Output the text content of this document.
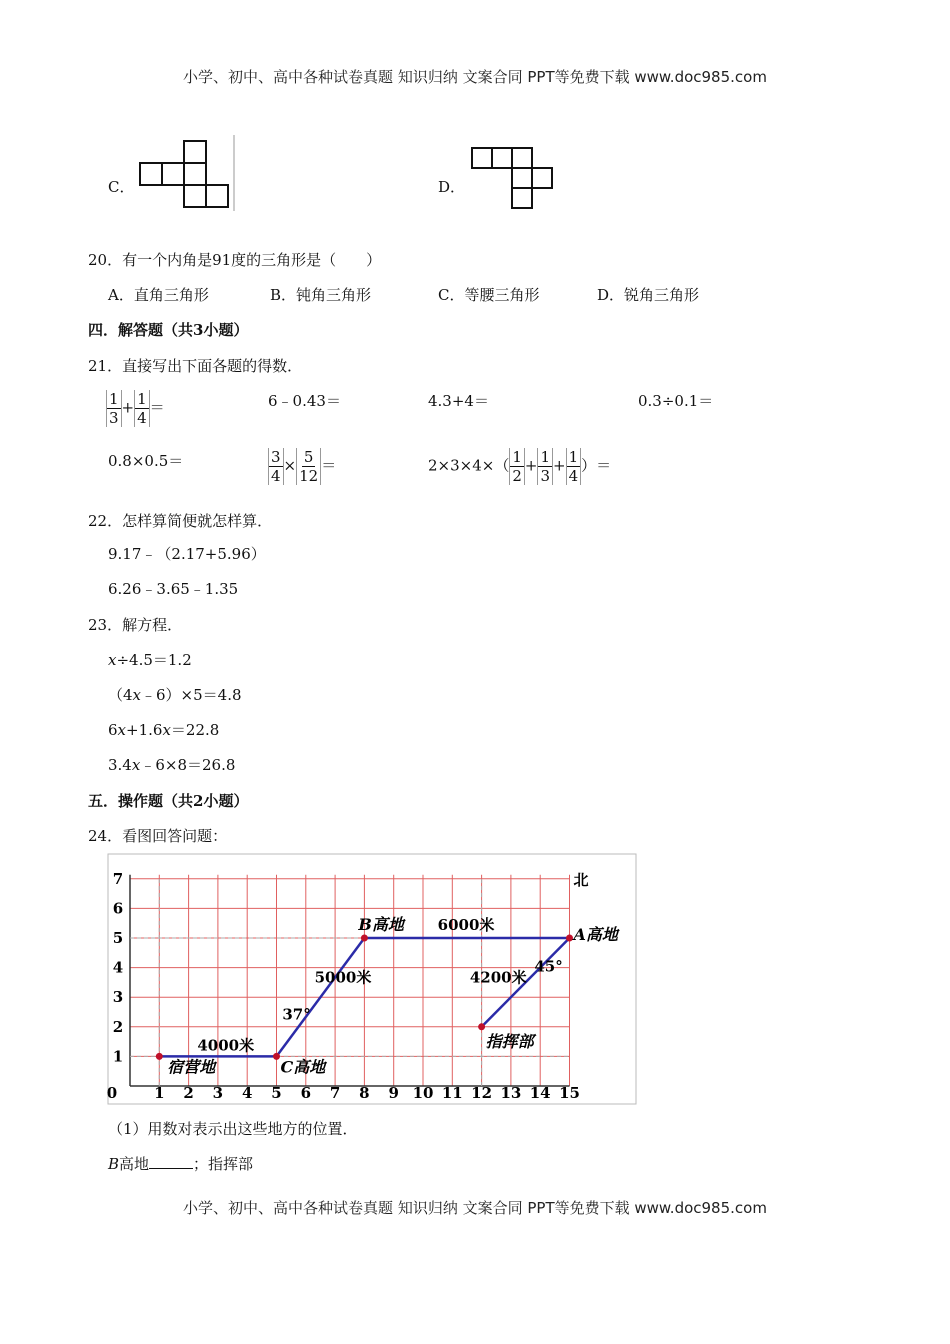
小学、初中、高中各种试卷真题 知识归纳 文案合同 PPT等免费下载 www.doc985.com
C．	D．
20．有一个内角是91度的三角形是（　　）
A．直角三角形	B．钝角三角形	C．等腰三角形	D．锐角三角形
四．解答题（共3小题）
21．直接写出下面各题的得数．
$\frac{1}{3} + \frac{1}{4}$ ＝	6﹣0.43＝	4.3+4＝	0.3÷0.1＝
0.8×0.5＝	$\frac{3}{4} \times \frac{5}{12}$ ＝	$2\times 3\times 4\times( \frac{1}{2} + \frac{1}{3} + \frac{1}{4}$ ）＝
22．怎样算简便就怎样算．
9.17﹣（2.17+5.96）
6.26﹣3.65﹣1.35
23．解方程．
x÷4.5＝1.2
（4x﹣6）×5＝4.8
6x+1.6x＝22.8
3.4x﹣6×8＝26.8
五．操作题（共2小题）
24．看图回答问题：
0 1 2 3 4 5 6 7 8 9 10 11 12 13 14 15
1
2
3
4
5
6
7
宿营地	C高地
B高地
A高地
指挥部
北
4000米
5000米
6000米
4200米
37°
45°
（1）用数对表示出这些地方的位置．
B高地	；指挥部
小学、初中、高中各种试卷真题 知识归纳 文案合同 PPT等免费下载 www.doc985.com
